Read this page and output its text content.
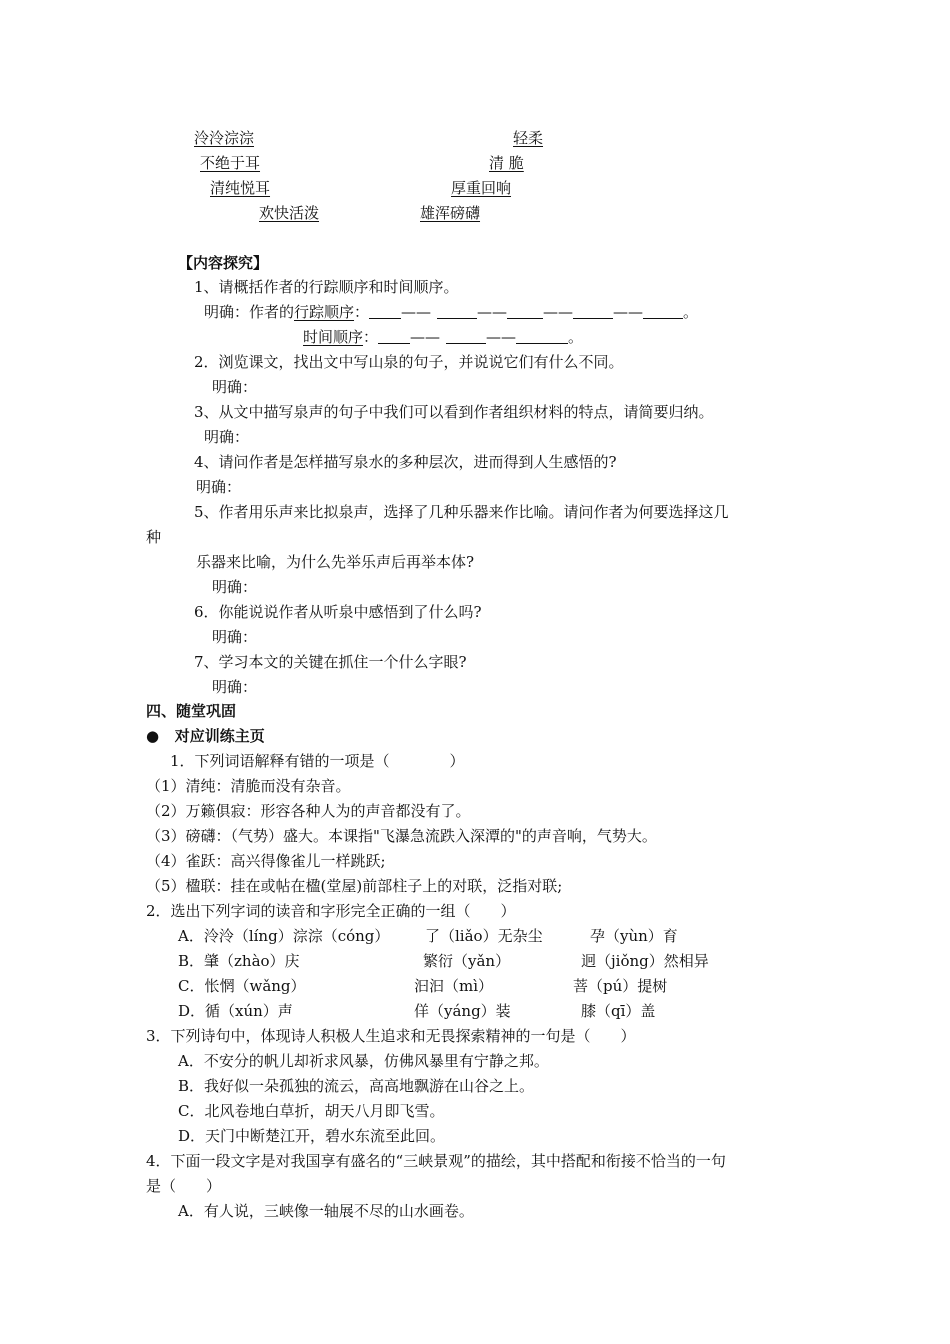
泠泠淙淙	轻柔
不绝于耳	清 脆
清纯悦耳	厚重回响
欢快活泼	雄浑磅礴
【内容探究】
1、请概括作者的行踪顺序和时间顺序。
明确：作者的行踪顺序： ——	—— ——	——	。
时间顺序： ——	——	。
2．浏览课文，找出文中写山泉的句子，并说说它们有什么不同。
明确：
3、从文中描写泉声的句子中我们可以看到作者组织材料的特点，请简要归纳。
明确：
4、请问作者是怎样描写泉水的多种层次，进而得到人生感悟的?
明确：
5、作者用乐声来比拟泉声，选择了几种乐器来作比喻。请问作者为何要选择这几
种
乐器来比喻，为什么先举乐声后再举本体?
明确：
6．你能说说作者从听泉中感悟到了什么吗?
明确：
7、学习本文的关键在抓住一个什么字眼?
明确：
四、随堂巩固
● 对应训练主页
1．下列词语解释有错的一项是（　　　　）
（1）清纯：清脆而没有杂音。
（2）万籁俱寂：形容各种人为的声音都没有了。
（3）磅礴：（气势）盛大。本课指"飞瀑急流跌入深潭的"的声音响，气势大。
（4）雀跃：高兴得像雀儿一样跳跃;
（5）楹联：挂在或帖在楹(堂屋)前部柱子上的对联，泛指对联;
2．选出下列字词的读音和字形完全正确的一组（　　）
A．泠泠（líng）淙淙（cóng） 了（liǎo）无杂尘	孕（yùn）育
B．肇（zhào）庆	繁衍（yǎn）	迥（jiǒng）然相异
C．怅惘（wǎng）	汩汩（mì）	菩（pú）提树
D．循（xún）声	佯（yáng）装	膝（qī）盖
3．下列诗句中，体现诗人积极人生追求和无畏探索精神的一句是（　　）
A．不安分的帆儿却祈求风暴，仿佛风暴里有宁静之邦。
B．我好似一朵孤独的流云，高高地飘游在山谷之上。
C．北风卷地白草折，胡天八月即飞雪。
D．天门中断楚江开，碧水东流至此回。
4．下面一段文字是对我国享有盛名的“三峡景观”的描绘，其中搭配和衔接不恰当的一句
是（　　）
A．有人说，三峡像一轴展不尽的山水画卷。
